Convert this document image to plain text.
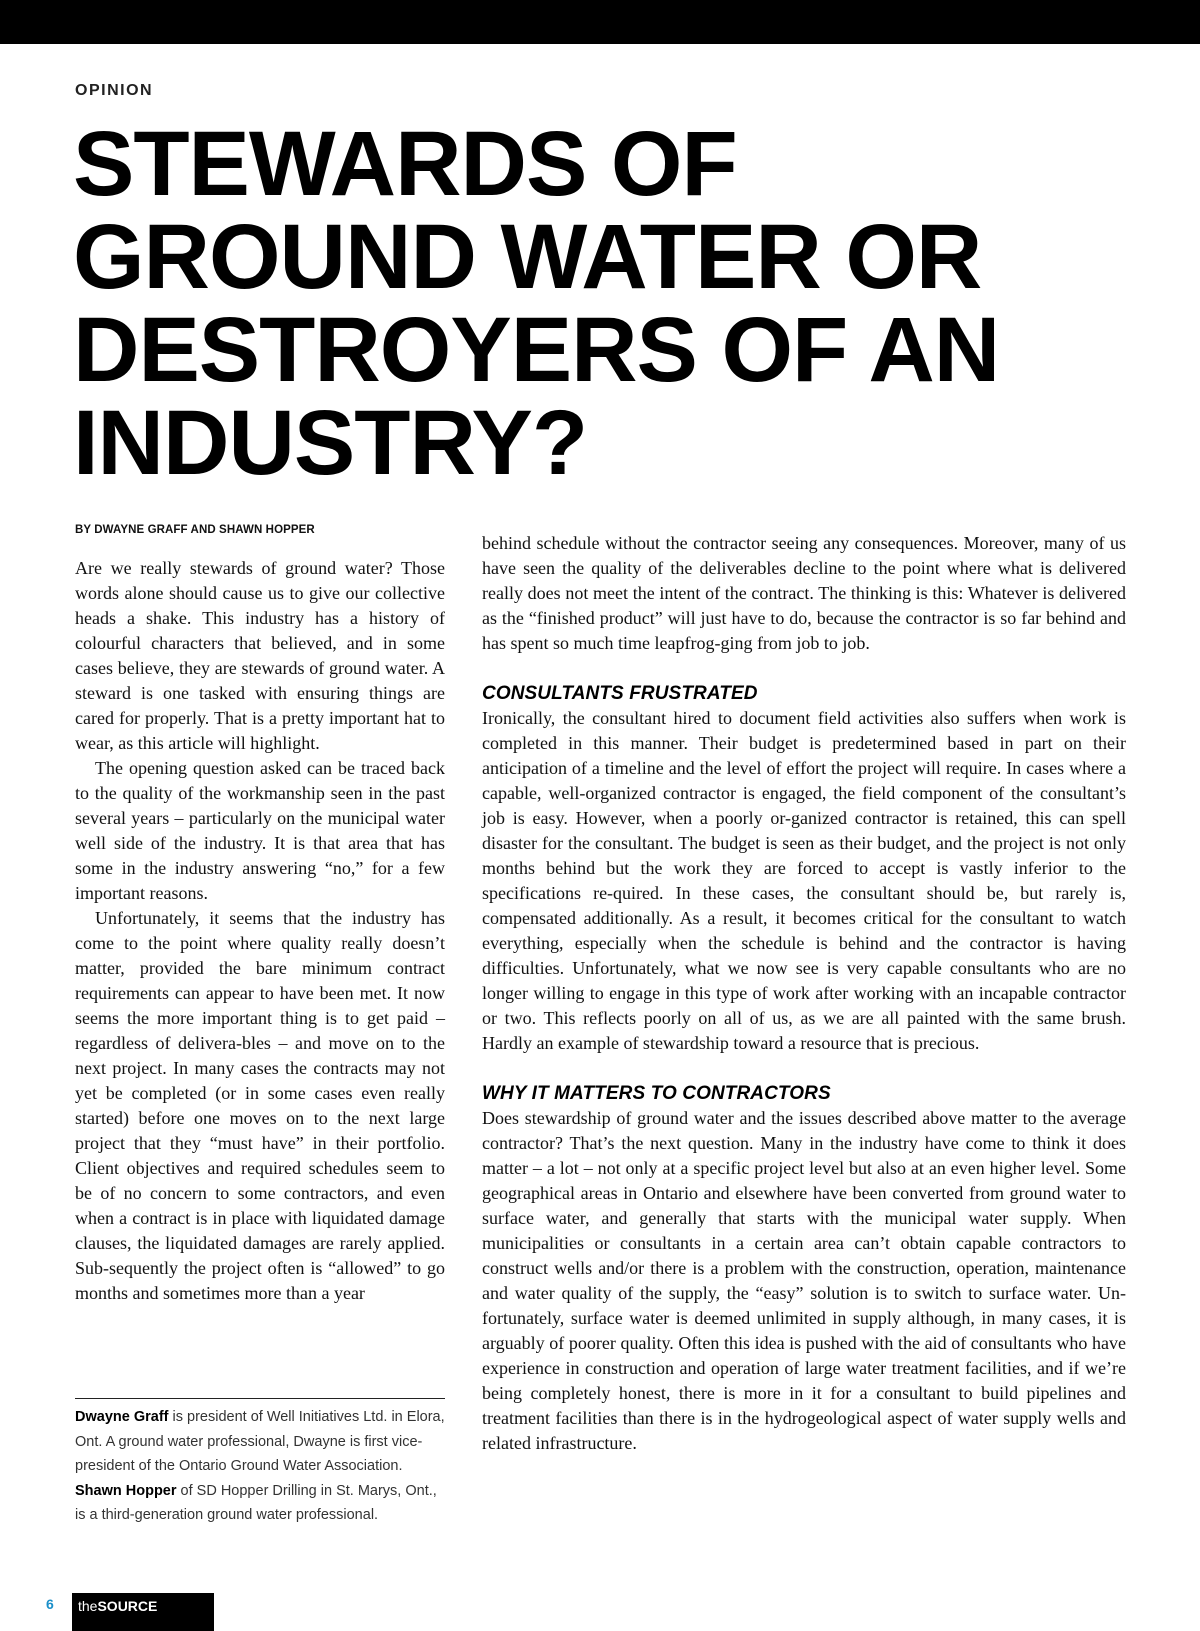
OPINION
STEWARDS OF GROUND WATER OR DESTROYERS OF AN INDUSTRY?
BY DWAYNE GRAFF AND SHAWN HOPPER

Are we really stewards of ground water? Those words alone should cause us to give our collective heads a shake. This industry has a history of colourful characters that believed, and in some cases believe, they are stewards of ground water. A steward is one tasked with ensuring things are cared for properly. That is a pretty important hat to wear, as this article will highlight.

The opening question asked can be traced back to the quality of the workmanship seen in the past several years – particularly on the municipal water well side of the industry. It is that area that has some in the industry answering “no,” for a few important reasons.

Unfortunately, it seems that the industry has come to the point where quality really doesn’t matter, provided the bare minimum contract requirements can appear to have been met. It now seems the more important thing is to get paid – regardless of delivera-bles – and move on to the next project. In many cases the contracts may not yet be completed (or in some cases even really started) before one moves on to the next large project that they “must have” in their portfolio. Client objectives and required schedules seem to be of no concern to some contractors, and even when a contract is in place with liquidated damage clauses, the liquidated damages are rarely applied. Sub-sequently the project often is “allowed” to go months and sometimes more than a year

behind schedule without the contractor seeing any consequences. Moreover, many of us have seen the quality of the deliverables decline to the point where what is delivered really does not meet the intent of the contract. The thinking is this: Whatever is delivered as the “finished product” will just have to do, because the contractor is so far behind and has spent so much time leapfrog-ging from job to job.

CONSULTANTS FRUSTRATED

Ironically, the consultant hired to document field activities also suffers when work is completed in this manner. Their budget is predetermined based in part on their anticipation of a timeline and the level of effort the project will require. In cases where a capable, well-organized contractor is engaged, the field component of the consultant’s job is easy. However, when a poorly or-ganized contractor is retained, this can spell disaster for the consultant. The budget is seen as their budget, and the project is not only months behind but the work they are forced to accept is vastly inferior to the specifications re-quired. In these cases, the consultant should be, but rarely is, compensated additionally. As a result, it becomes critical for the consultant to watch everything, especially when the schedule is behind and the contractor is having difficulties. Unfortunately, what we now see is very capable consultants who are no longer willing to engage in this type of work after working with an incapable contractor or two. This reflects poorly on all of us, as we are all painted with the same brush. Hardly an example of stewardship toward a resource that is precious.

WHY IT MATTERS TO CONTRACTORS

Does stewardship of ground water and the issues described above matter to the average contractor? That’s the next question. Many in the industry have come to think it does matter – a lot – not only at a specific project level but also at an even higher level. Some geographical areas in Ontario and elsewhere have been converted from ground water to surface water, and generally that starts with the municipal water supply. When municipalities or consultants in a certain area can’t obtain capable contractors to construct wells and/or there is a problem with the construction, operation, maintenance and water quality of the supply, the “easy” solution is to switch to surface water. Un-fortunately, surface water is deemed unlimited in supply although, in many cases, it is arguably of poorer quality. Often this idea is pushed with the aid of consultants who have experience in construction and operation of large water treatment facilities, and if we’re being completely honest, there is more in it for a consultant to build pipelines and treatment facilities than there is in the hydrogeological aspect of water supply wells and related infrastructure.

Dwayne Graff is president of Well Initiatives Ltd. in Elora, Ont. A ground water professional, Dwayne is first vice-president of the Ontario Ground Water Association.

Shawn Hopper of SD Hopper Drilling in St. Marys, Ont., is a third-generation ground water professional.

6	theSOURCE
